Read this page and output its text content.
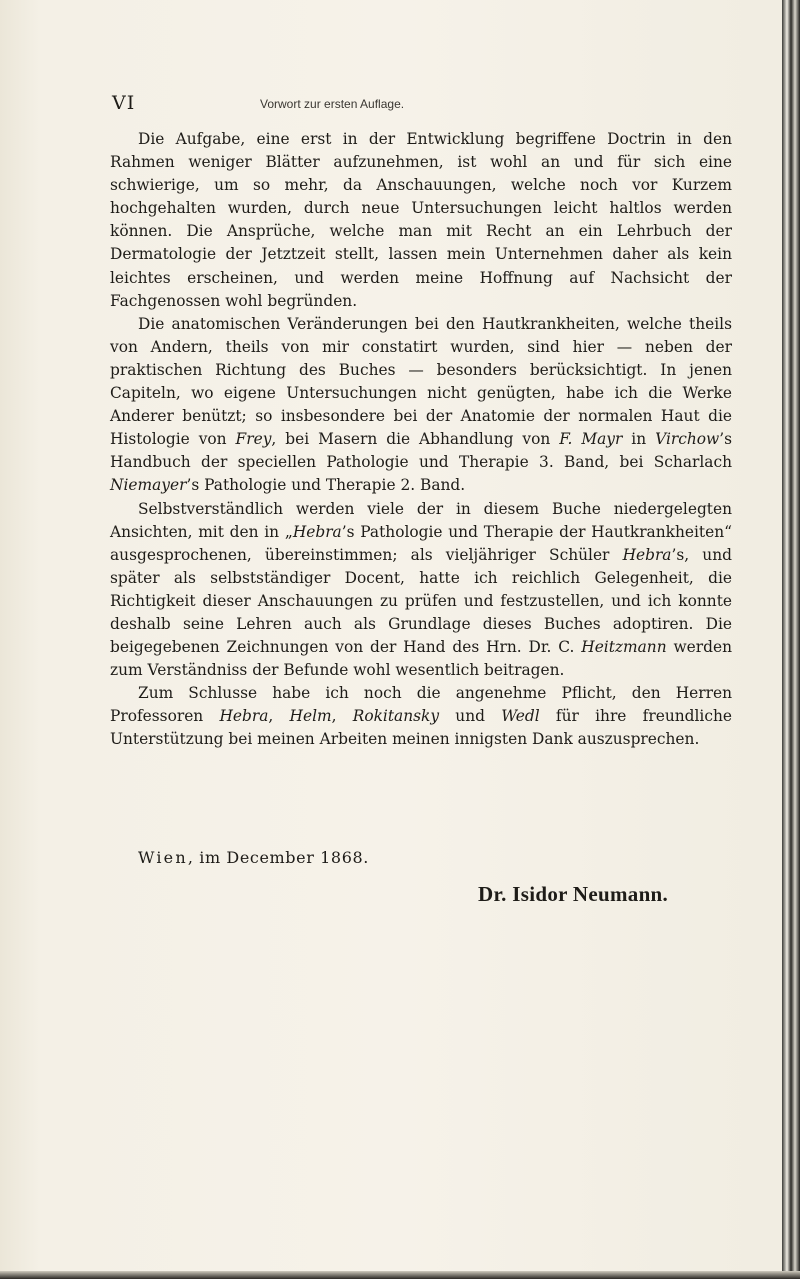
VI	Vorwort zur ersten Auflage.

Die Aufgabe, eine erst in der Entwicklung begriffene Doctrin in den Rahmen weniger Blätter aufzunehmen, ist wohl an und für sich eine schwierige, um so mehr, da Anschauungen, welche noch vor Kurzem hochgehalten wurden, durch neue Untersuchungen leicht haltlos werden können. Die Ansprüche, welche man mit Recht an ein Lehrbuch der Dermatologie der Jetztzeit stellt, lassen mein Unternehmen daher als kein leichtes erscheinen, und werden meine Hoffnung auf Nachsicht der Fachgenossen wohl begründen.

Die anatomischen Veränderungen bei den Hautkrankheiten, welche theils von Andern, theils von mir constatirt wurden, sind hier — neben der praktischen Richtung des Buches — besonders berücksichtigt. In jenen Capiteln, wo eigene Untersuchungen nicht genügten, habe ich die Werke Anderer benützt; so insbesondere bei der Anatomie der normalen Haut die Histologie von Frey, bei Masern die Abhandlung von F. Mayr in Virchow’s Handbuch der speciellen Pathologie und Therapie 3. Band, bei Scharlach Niemayer’s Pathologie und Therapie 2. Band.

Selbstverständlich werden viele der in diesem Buche niedergelegten Ansichten, mit den in „Hebra’s Pathologie und Therapie der Hautkrankheiten“ ausgesprochenen, übereinstimmen; als vieljähriger Schüler Hebra’s, und später als selbstständiger Docent, hatte ich reichlich Gelegenheit, die Richtigkeit dieser Anschauungen zu prüfen und festzustellen, und ich konnte deshalb seine Lehren auch als Grundlage dieses Buches adoptiren. Die beigegebenen Zeichnungen von der Hand des Hrn. Dr. C. Heitzmann werden zum Verständniss der Befunde wohl wesentlich beitragen.

Zum Schlusse habe ich noch die angenehme Pflicht, den Herren Professoren Hebra, Helm, Rokitansky und Wedl für ihre freundliche Unterstützung bei meinen Arbeiten meinen innigsten Dank auszusprechen.

Wien, im December 1868.
Dr. Isidor Neumann.
